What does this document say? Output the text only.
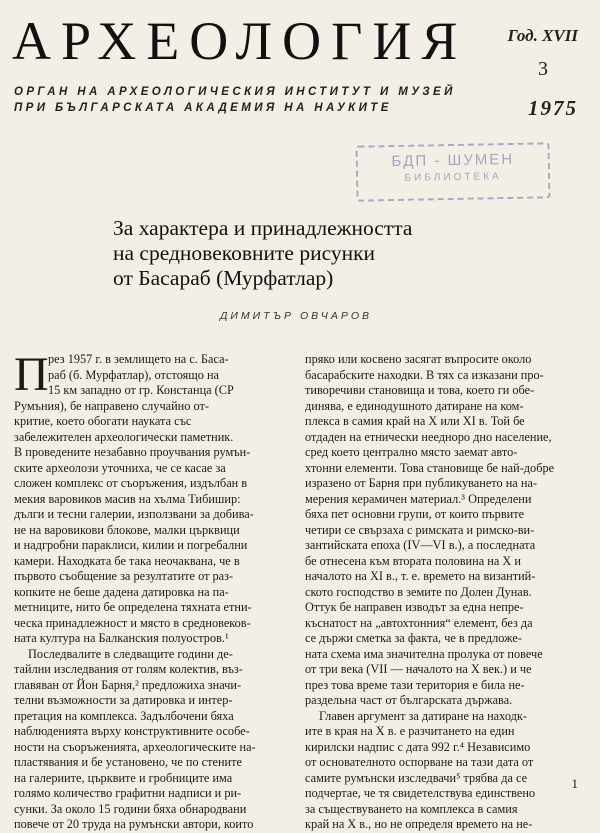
АРХЕОЛОГИЯ Год. XVII
3
1975
ОРГАН НА АРХЕОЛОГИЧЕСКИЯ ИНСТИТУТ И МУЗЕЙ
ПРИ БЪЛГАРСКАТА АКАДЕМИЯ НА НАУКИТЕ
БДП - ШУМЕН
БИБЛИОТЕКА
За характера и принадлежността
на средновековните рисунки
от Басараб (Мурфатлар)
ДИМИТЪР ОВЧАРОВ
П рез 1957 г. в землището на с. Баса-
раб (б. Мурфатлар), отстоящо на
15 км западно от гр. Констанца (СР
Румъния), бе направено случайно от-
критие, което обогати науката със
забележителен археологически паметник.
В проведените незабавно проучвания румън-
ските археолози уточниха, че се касае за
сложен комплекс от съоръжения, издълбан в
мекия варовиков масив на хълма Тибишир:
дълги и тесни галерии, използвани за добива-
не на варовикови блокове, малки църквици
и надгробни параклиси, килии и погребални
камери. Находката бе така неочаквана, че в
първото съобщение за резултатите от раз-
копките не беше дадена датировка на па-
метниците, нито бе определена тяхната етни-
ческа принадлежност и място в средновеков-
ната култура на Балканския полуостров.¹
Последвалите в следващите години де-
тайлни изследвания от голям колектив, въз-
главяван от Йон Барня,² предложиха значи-
телни възможности за датировка и интер-
претация на комплекса. Задълбочени бяха
наблюденията върху конструктивните особе-
ности на съоръженията, археологическите на-
пластявания и бе установено, че по стените
на галериите, църквите и гробниците има
голямо количество графитни надписи и ри-
сунки. За около 15 години бяха обнародвани
повече от 20 труда на румънски автори, които
пряко или косвено засягат въпросите около
басарабските находки. В тях са изказани про-
тиворечиви становища и това, което ги обе-
динява, е единодушното датиране на ком-
плекса в самия край на X или XI в. Той бе
отдаден на етнически неедноро дно население,
сред което централно място заемат авто-
хтонни елементи. Това становище бе най-добре
изразено от Барня при публикуването на на-
мерения керамичен материал.³ Определени
бяха пет основни групи, от които първите
четири се свързаха с римската и римско-ви-
зантийската епоха (IV—VI в.), а последната
бе отнесена към втората половина на X и
началото на XI в., т. е. времето на византий-
ското господство в земите по Долен Дунав.
Оттук бе направен изводът за една непре-
къснатост на „автохтонния“ елемент, без да
се държи сметка за факта, че в предложе-
ната схема има значителна пролука от повече
от три века (VII — началото на X век.) и че
през това време тази територия е била не-
раздельна част от българската държава.
Главен аргумент за датиране на находк-
ите в края на X в. е разчитането на един
кирилски надпис с дата 992 г.⁴ Независимо
от основателното оспорване на тази дата от
самите румънски изследвачи⁵ трябва да се
подчертае, че тя свидетелствува единствено
за съществуването на комплекса в самия
край на X в., но не определя времето на не-
1
